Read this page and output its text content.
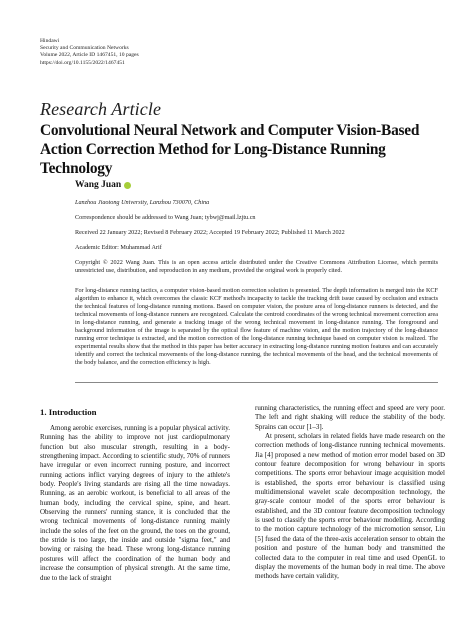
Hindawi
Security and Communication Networks
Volume 2022, Article ID 1467451, 10 pages
https://doi.org/10.1155/2022/1467451
Research Article
Convolutional Neural Network and Computer Vision-Based Action Correction Method for Long-Distance Running Technology
Wang Juan
Lanzhou Jiaotong University, Lanzhou 730070, China
Correspondence should be addressed to Wang Juan; tybwj@mail.lzjtu.cn
Received 22 January 2022; Revised 8 February 2022; Accepted 19 February 2022; Published 11 March 2022
Academic Editor: Muhammad Arif
Copyright © 2022 Wang Juan. This is an open access article distributed under the Creative Commons Attribution License, which permits unrestricted use, distribution, and reproduction in any medium, provided the original work is properly cited.
For long-distance running tactics, a computer vision-based motion correction solution is presented. The depth information is merged into the KCF algorithm to enhance it, which overcomes the classic KCF method's incapacity to tackle the tracking drift issue caused by occlusion and extracts the technical features of long-distance running motions. Based on computer vision, the posture area of long-distance runners is detected, and the technical movements of long-distance runners are recognized. Calculate the centroid coordinates of the wrong technical movement correction area in long-distance running, and generate a tracking image of the wrong technical movement in long-distance running. The foreground and background information of the image is separated by the optical flow feature of machine vision, and the motion trajectory of the long-distance running error technique is extracted, and the motion correction of the long-distance running technique based on computer vision is realized. The experimental results show that the method in this paper has better accuracy in extracting long-distance running motion features and can accurately identify and correct the technical movements of the long-distance running, the technical movements of the head, and the technical movements of the body balance, and the correction efficiency is high.
1. Introduction

Among aerobic exercises, running is a popular physical activity. Running has the ability to improve not just cardiopulmonary function but also muscular strength, resulting in a body-strengthening impact. According to scientific study, 70% of runners have irregular or even incorrect running posture, and incorrect running actions inflict varying degrees of injury to the athlete's body. People's living standards are rising all the time nowadays. Running, as an aerobic workout, is beneficial to all areas of the human body, including the cervical spine, spine, and heart. Observing the runners' running stance, it is concluded that the wrong technical movements of long-distance running mainly include the soles of the feet on the ground, the toes on the ground, the stride is too large, the inside and outside "sigma feet," and bowing or raising the head. These wrong long-distance running postures will affect the coordination of the human body and increase the consumption of physical strength. At the same time, due to the lack of straight

running characteristics, the running effect and speed are very poor. The left and right shaking will reduce the stability of the body. Sprains can occur [1–3].

At present, scholars in related fields have made research on the correction methods of long-distance running technical movements. Jia [4] proposed a new method of motion error model based on 3D contour feature decomposition for wrong behaviour in sports competitions. The sports error behaviour image acquisition model is established, the sports error behaviour is classified using multidimensional wavelet scale decomposition technology, the gray-scale contour model of the sports error behaviour is established, and the 3D contour feature decomposition technology is used to classify the sports error behaviour modelling. According to the motion capture technology of the micromotion sensor, Liu [5] fused the data of the three-axis acceleration sensor to obtain the position and posture of the human body and transmitted the collected data to the computer in real time and used OpenGL to display the movements of the human body in real time. The above methods have certain validity,
